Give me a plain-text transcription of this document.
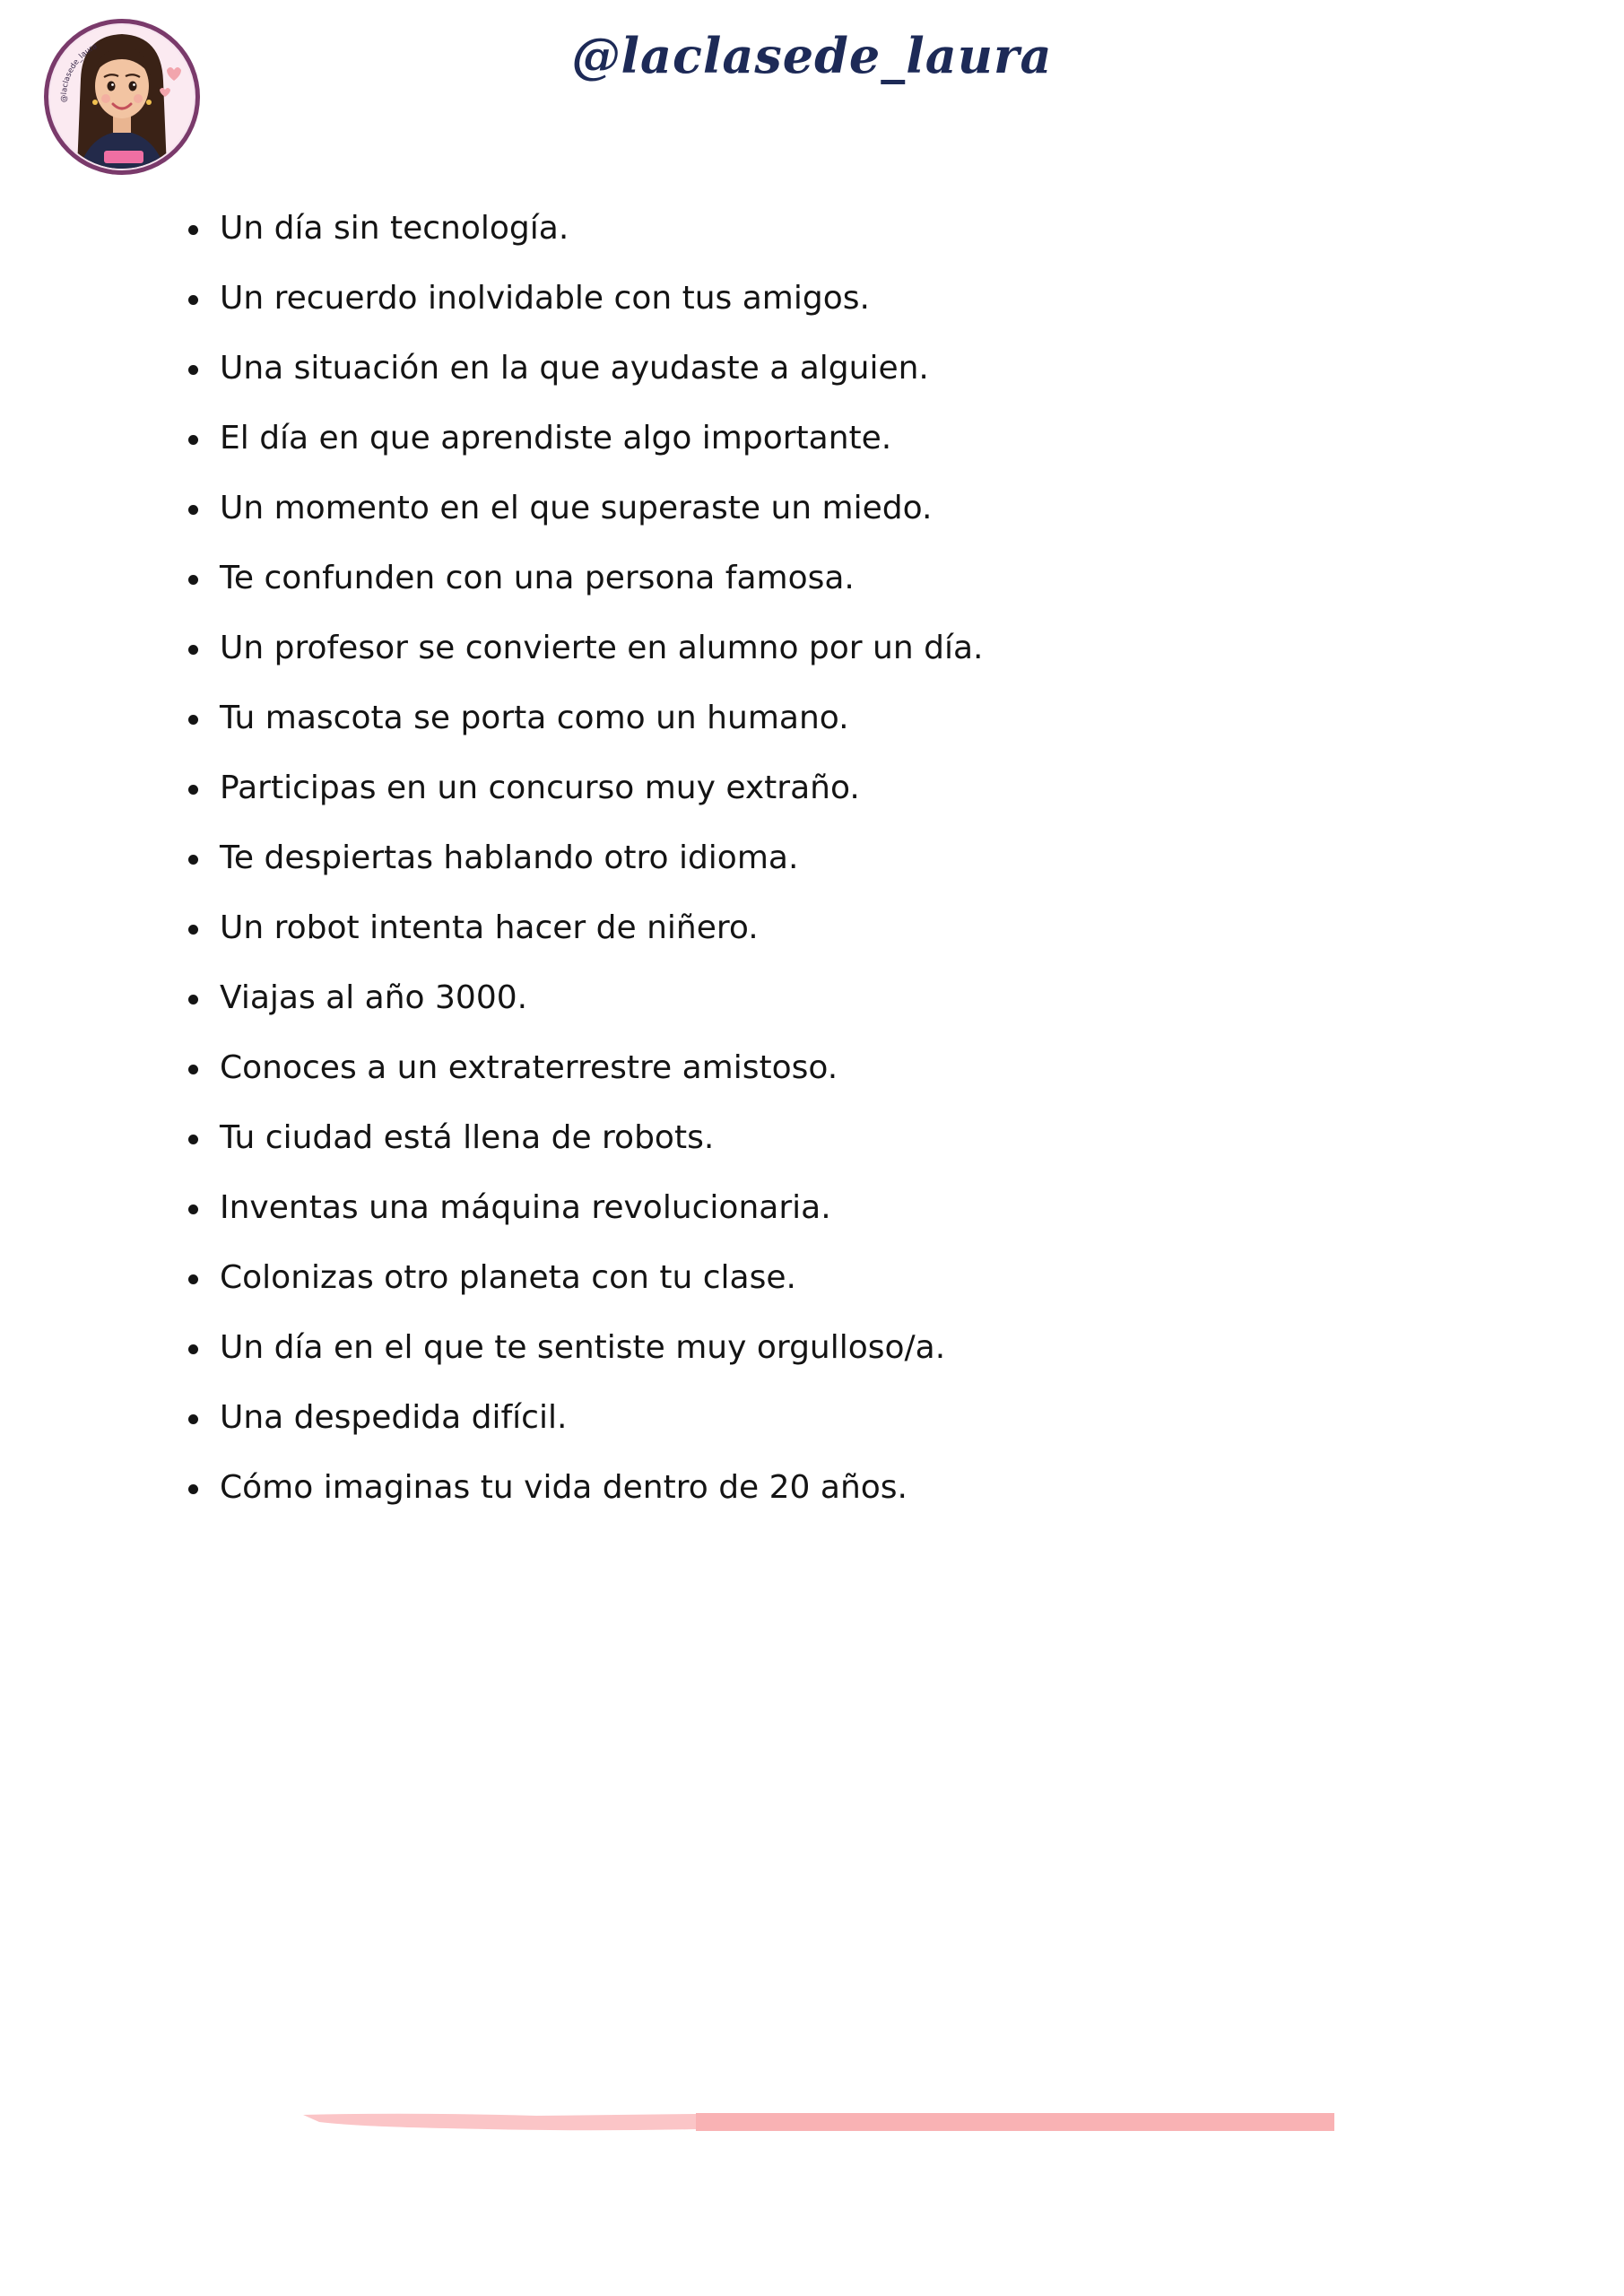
@laclasede_laura	@laclasede_laura
Un día sin tecnología.
Un recuerdo inolvidable con tus amigos.
Una situación en la que ayudaste a alguien.
El día en que aprendiste algo importante.
Un momento en el que superaste un miedo.
Te confunden con una persona famosa.
Un profesor se convierte en alumno por un día.
Tu mascota se porta como un humano.
Participas en un concurso muy extraño.
Te despiertas hablando otro idioma.
Un robot intenta hacer de niñero.
Viajas al año 3000.
Conoces a un extraterrestre amistoso.
Tu ciudad está llena de robots.
Inventas una máquina revolucionaria.
Colonizas otro planeta con tu clase.
Un día en el que te sentiste muy orgulloso/a.
Una despedida difícil.
Cómo imaginas tu vida dentro de 20 años.
